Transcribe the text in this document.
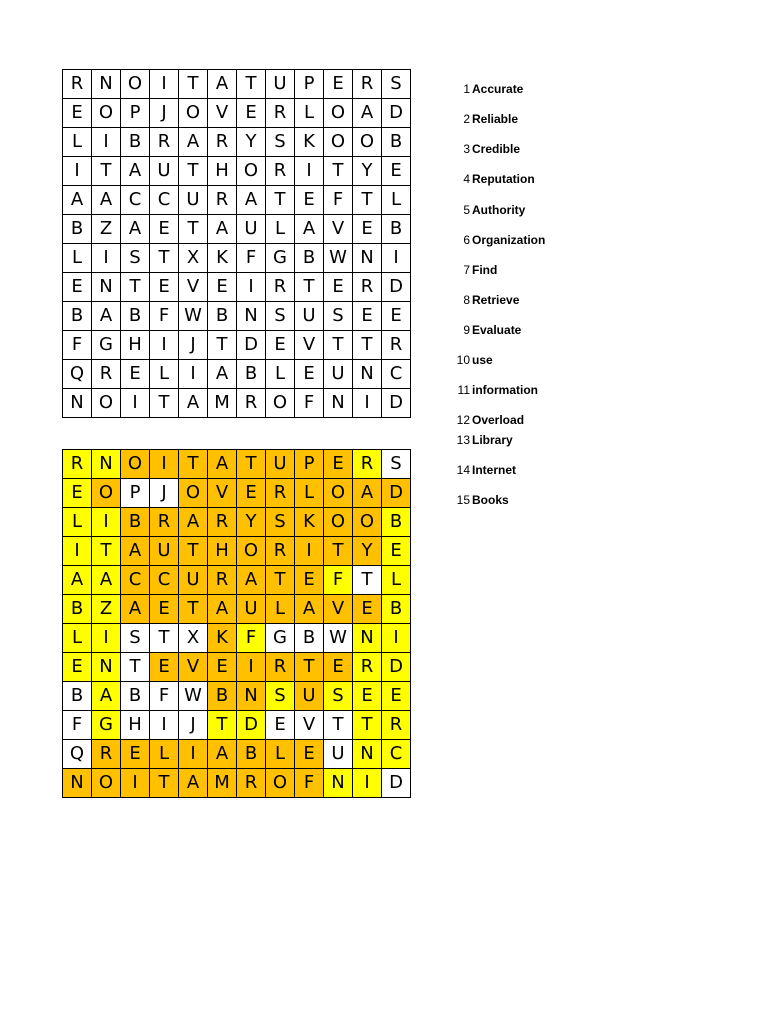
R	N	O	I	T	A	T	U	P	E	R	S
E	O	P	J	O	V	E	R	L	O	A	D
L	I	B	R	A	R	Y	S	K	O	O	B
I	T	A	U	T	H	O	R	I	T	Y	E
A	A	C	C	U	R	A	T	E	F	T	L
B	Z	A	E	T	A	U	L	A	V	E	B
L	I	S	T	X	K	F	G	B	W	N	I
E	N	T	E	V	E	I	R	T	E	R	D
B	A	B	F	W	B	N	S	U	S	E	E
F	G	H	I	J	T	D	E	V	T	T	R
Q	R	E	L	I	A	B	L	E	U	N	C
N	O	I	T	A	M	R	O	F	N	I	D
R	N	O	I	T	A	T	U	P	E	R	S
E	O	P	J	O	V	E	R	L	O	A	D
L	I	B	R	A	R	Y	S	K	O	O	B
I	T	A	U	T	H	O	R	I	T	Y	E
A	A	C	C	U	R	A	T	E	F	T	L
B	Z	A	E	T	A	U	L	A	V	E	B
L	I	S	T	X	K	F	G	B	W	N	I
E	N	T	E	V	E	I	R	T	E	R	D
B	A	B	F	W	B	N	S	U	S	E	E
F	G	H	I	J	T	D	E	V	T	T	R
Q	R	E	L	I	A	B	L	E	U	N	C
N	O	I	T	A	M	R	O	F	N	I	D
1 Accurate
2 Reliable
3 Credible
4 Reputation
5 Authority
6 Organization
7 Find
8 Retrieve
9 Evaluate
10 use
11 information
12 Overload
13 Library
14 Internet
15 Books
